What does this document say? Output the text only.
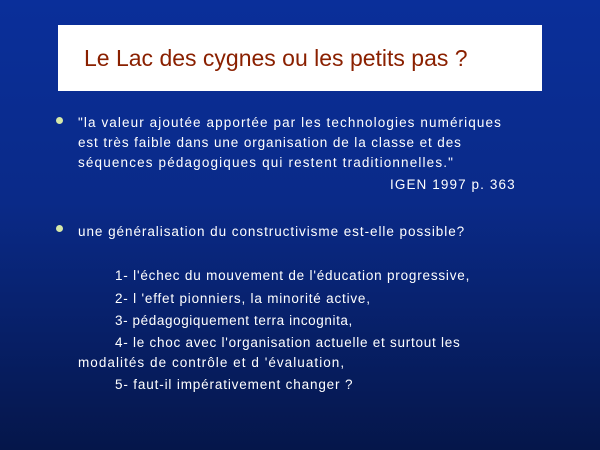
Le Lac des cygnes ou les petits pas ?
"la valeur ajoutée apportée par les technologies numériques
est très faible dans une organisation de la classe et des
séquences pédagogiques qui restent traditionnelles."
IGEN 1997 p. 363
une généralisation du constructivisme est-elle possible?
1- l'échec du mouvement de l'éducation progressive,
2- l 'effet pionniers, la minorité active,
3- pédagogiquement terra incognita,
4- le choc avec l'organisation actuelle et surtout les
modalités de contrôle et d 'évaluation,
5- faut-il impérativement changer ?
